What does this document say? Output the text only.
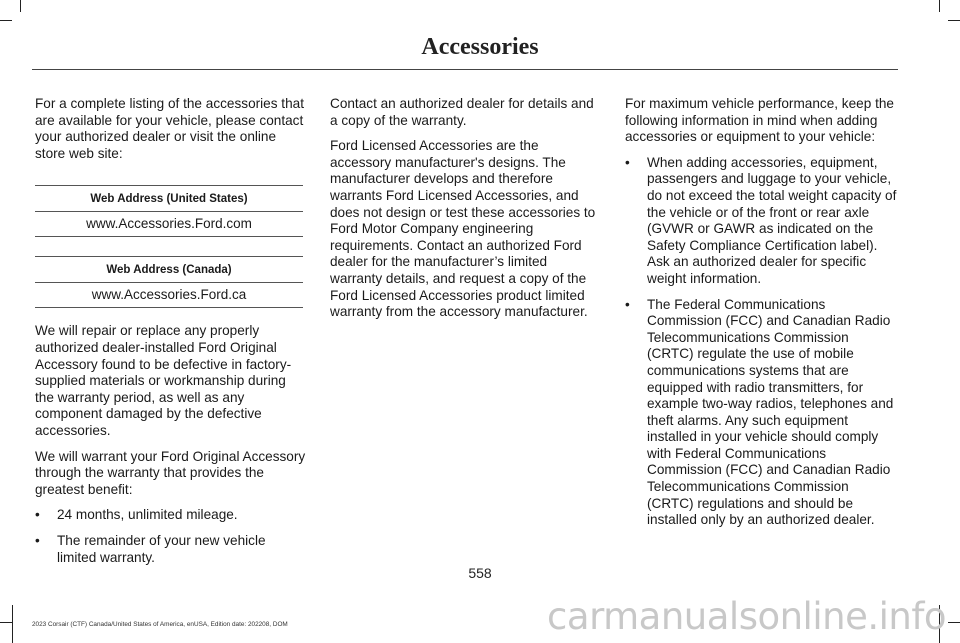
Accessories

For a complete listing of the accessories that are available for your vehicle, please contact your authorized dealer or visit the online store web site:

Web Address (United States)
www.Accessories.Ford.com
Web Address (Canada)
www.Accessories.Ford.ca

We will repair or replace any properly authorized dealer-installed Ford Original Accessory found to be defective in factory-supplied materials or workmanship during the warranty period, as well as any component damaged by the defective accessories.

We will warrant your Ford Original Accessory through the warranty that provides the greatest benefit:

• 24 months, unlimited mileage.
• The remainder of your new vehicle limited warranty.

Contact an authorized dealer for details and a copy of the warranty.

Ford Licensed Accessories are the accessory manufacturer's designs. The manufacturer develops and therefore warrants Ford Licensed Accessories, and does not design or test these accessories to Ford Motor Company engineering requirements. Contact an authorized Ford dealer for the manufacturer’s limited warranty details, and request a copy of the Ford Licensed Accessories product limited warranty from the accessory manufacturer.

For maximum vehicle performance, keep the following information in mind when adding accessories or equipment to your vehicle:

• When adding accessories, equipment, passengers and luggage to your vehicle, do not exceed the total weight capacity of the vehicle or of the front or rear axle (GVWR or GAWR as indicated on the Safety Compliance Certification label). Ask an authorized dealer for specific weight information.
• The Federal Communications Commission (FCC) and Canadian Radio Telecommunications Commission (CRTC) regulate the use of mobile communications systems that are equipped with radio transmitters, for example two-way radios, telephones and theft alarms. Any such equipment installed in your vehicle should comply with Federal Communications Commission (FCC) and Canadian Radio Telecommunications Commission (CRTC) regulations and should be installed only by an authorized dealer.
558
2023 Corsair (CTF) Canada/United States of America, enUSA, Edition date: 202208, DOM	carmanualsonline.info
